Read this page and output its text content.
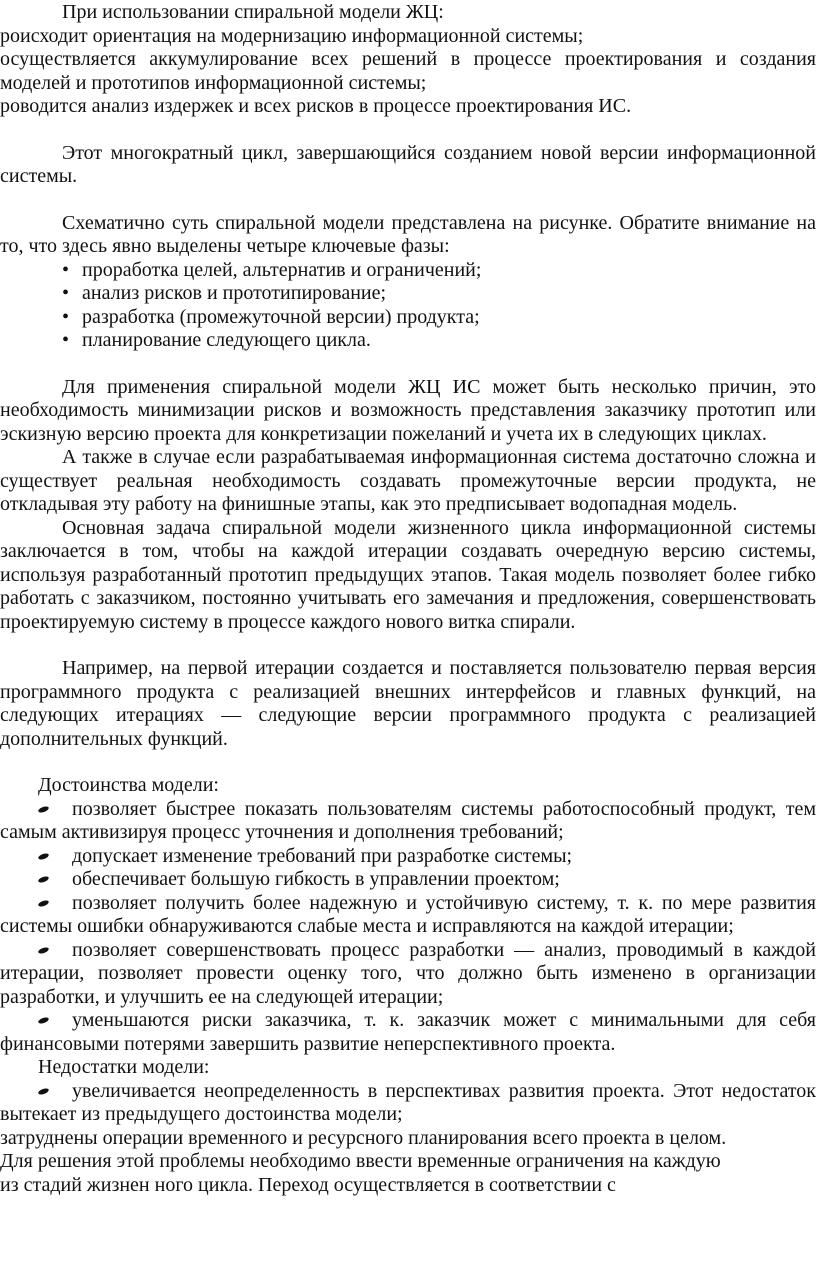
При использовании спиральной модели ЖЦ:

роисходит ориентация на модернизацию информационной системы;

осуществляется аккумулирование всех решений в процессе проектирования и создания моделей и прототипов информационной системы;

роводится анализ издержек и всех рисков в процессе проектирования ИС.

Этот многократный цикл, завершающийся созданием новой версии информационной системы.

Схематично суть спиральной модели представлена на рисунке. Обратите внимание на то, что здесь явно выделены четыре ключевые фазы:

• проработка целей, альтернатив и ограничений;
• анализ рисков и прототипирование;
• разработка (промежуточной версии) продукта;
• планирование следующего цикла.

Для применения спиральной модели ЖЦ ИС может быть несколько причин, это необходимость минимизации рисков и возможность представления заказчику прототип или эскизную версию проекта для конкретизации пожеланий и учета их в следующих циклах.

А также в случае если разрабатываемая информационная система достаточно сложна и существует реальная необходимость создавать промежуточные версии продукта, не откладывая эту работу на финишные этапы, как это предписывает водопадная модель.

Основная задача спиральной модели жизненного цикла информационной системы заключается в том, чтобы на каждой итерации создавать очередную версию системы, используя разработанный прототип предыдущих этапов. Такая модель позволяет более гибко работать с заказчиком, постоянно учитывать его замечания и предложения, совершенствовать проектируемую систему в процессе каждого нового витка спирали.

Например, на первой итерации создается и поставляется пользователю первая версия программного продукта с реализацией внешних интерфейсов и главных функций, на следующих итерациях — следующие версии программного продукта с реализацией дополнительных функций.

Достоинства модели:

позволяет быстрее показать пользователям системы работоспособный продукт, тем самым активизируя процесс уточнения и дополнения требований;

допускает изменение требований при разработке системы;

обеспечивает большую гибкость в управлении проектом;

позволяет получить более надежную и устойчивую систему, т. к. по мере развития системы ошибки обнаруживаются слабые места и исправляются на каждой итерации;

позволяет совершенствовать процесс разработки — анализ, проводимый в каждой итерации, позволяет провести оценку того, что должно быть изменено в организации разработки, и улучшить ее на следующей итерации;

уменьшаются риски заказчика, т. к. заказчик может с минимальными для себя финансовыми потерями завершить развитие неперспективного проекта.

Недостатки модели:

увеличивается неопределенность в перспективах развития проекта. Этот недостаток вытекает из предыдущего достоинства модели;

затруднены операции временного и ресурсного планирования всего проекта в целом.

Для решения этой проблемы необходимо ввести временные ограничения на каждую

из стадий жизнен ного цикла. Переход осуществляется в соответствии с
